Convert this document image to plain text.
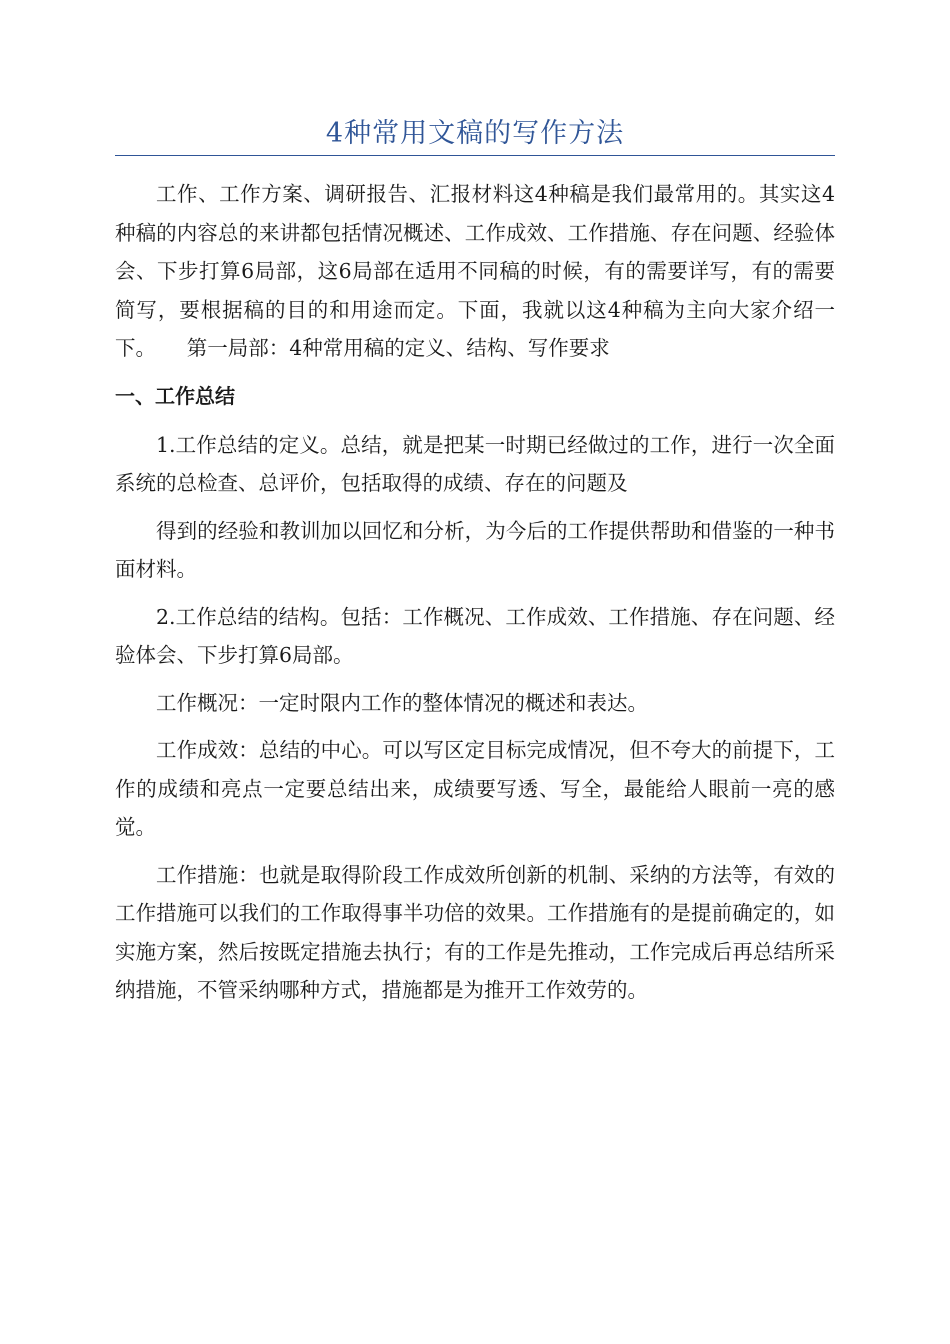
4种常用文稿的写作方法

工作、工作方案、调研报告、汇报材料这4种稿是我们最常用的。其实这4种稿的内容总的来讲都包括情况概述、工作成效、工作措施、存在问题、经验体会、下步打算6局部，这6局部在适用不同稿的时候，有的需要详写，有的需要简写，要根据稿的目的和用途而定。下面，我就以这4种稿为主向大家介绍一下。　　第一局部：4种常用稿的定义、结构、写作要求

一、工作总结

1.工作总结的定义。总结，就是把某一时期已经做过的工作，进行一次全面系统的总检查、总评价，包括取得的成绩、存在的问题及

得到的经验和教训加以回忆和分析，为今后的工作提供帮助和借鉴的一种书面材料。

2.工作总结的结构。包括：工作概况、工作成效、工作措施、存在问题、经验体会、下步打算6局部。

工作概况：一定时限内工作的整体情况的概述和表达。

工作成效：总结的中心。可以写区定目标完成情况，但不夸大的前提下，工作的成绩和亮点一定要总结出来，成绩要写透、写全，最能给人眼前一亮的感觉。

工作措施：也就是取得阶段工作成效所创新的机制、采纳的方法等，有效的工作措施可以我们的工作取得事半功倍的效果。工作措施有的是提前确定的，如实施方案，然后按既定措施去执行；有的工作是先推动，工作完成后再总结所采纳措施，不管采纳哪种方式，措施都是为推开工作效劳的。
